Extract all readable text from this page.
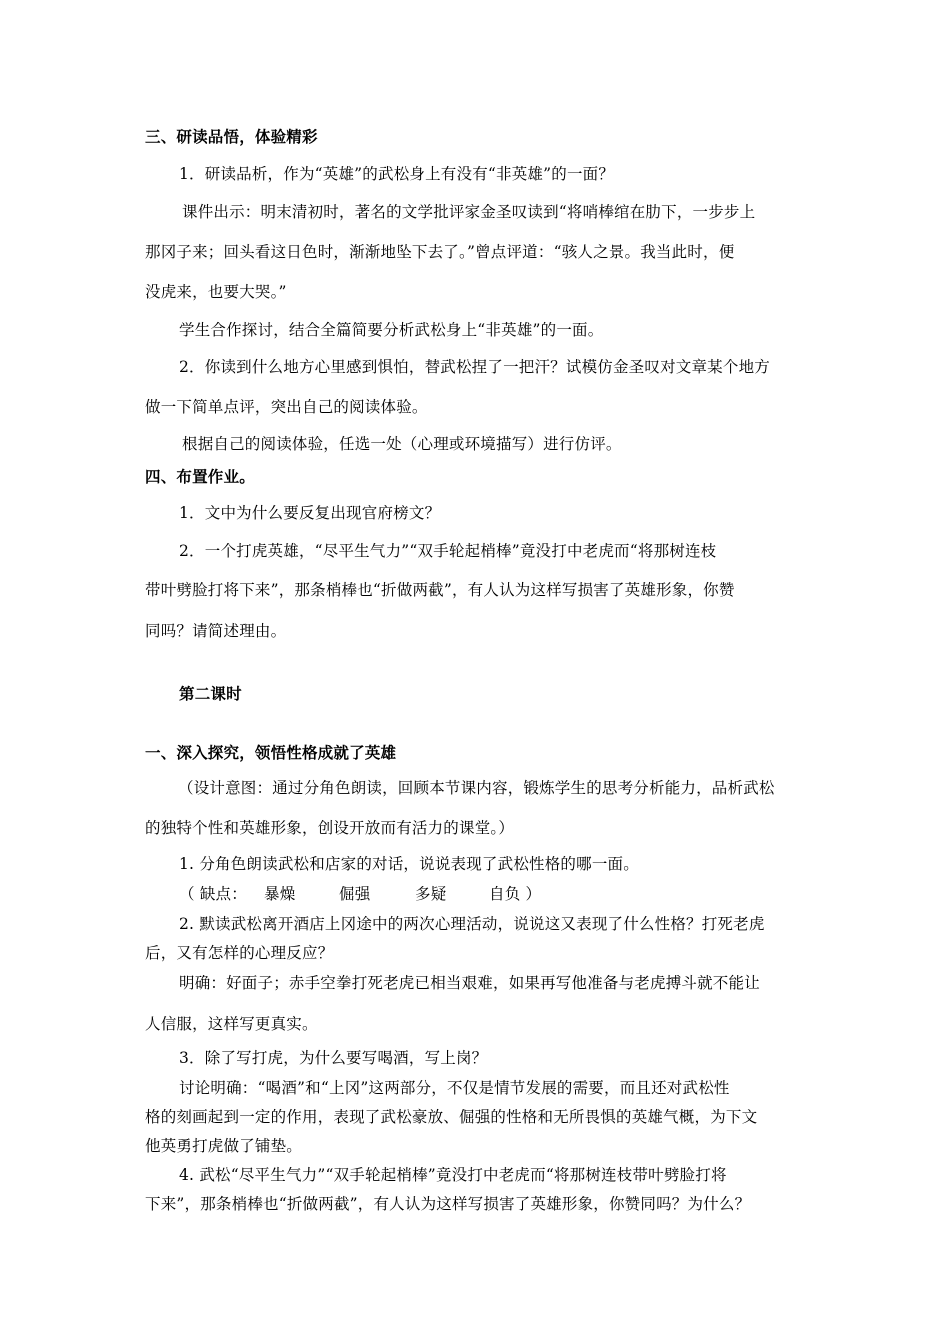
三、研读品悟，体验精彩
1．研读品析，作为“英雄”的武松身上有没有“非英雄”的一面？
课件出示：明末清初时，著名的文学批评家金圣叹读到“将哨棒绾在肋下，一步步上
那冈子来；回头看这日色时，渐渐地坠下去了。”曾点评道：“骇人之景。我当此时，便
没虎来，也要大哭。”
学生合作探讨，结合全篇简要分析武松身上“非英雄”的一面。
2．你读到什么地方心里感到惧怕，替武松捏了一把汗？试模仿金圣叹对文章某个地方
做一下简单点评，突出自己的阅读体验。
根据自己的阅读体验，任选一处（心理或环境描写）进行仿评。
四、布置作业。
1．文中为什么要反复出现官府榜文？
2．一个打虎英雄，“尽平生气力”“双手轮起梢棒”竟没打中老虎而“将那树连枝
带叶劈脸打将下来”，那条梢棒也“折做两截”，有人认为这样写损害了英雄形象，你赞
同吗？请简述理由。
第二课时
一、深入探究，领悟性格成就了英雄
（设计意图：通过分角色朗读，回顾本节课内容，锻炼学生的思考分析能力，品析武松
的独特个性和英雄形象，创设开放而有活力的课堂。）
1. 分角色朗读武松和店家的对话，说说表现了武松性格的哪一面。
（ 缺点： 暴燥	倔强	多疑	自负 ）
2. 默读武松离开酒店上冈途中的两次心理活动，说说这又表现了什么性格？打死老虎
后，又有怎样的心理反应？
明确：好面子；赤手空拳打死老虎已相当艰难，如果再写他准备与老虎搏斗就不能让
人信服，这样写更真实。
3．除了写打虎，为什么要写喝酒，写上岗？
讨论明确：“喝酒”和“上冈”这两部分，不仅是情节发展的需要，而且还对武松性
格的刻画起到一定的作用，表现了武松豪放、倔强的性格和无所畏惧的英雄气概，为下文
他英勇打虎做了铺垫。
4. 武松“尽平生气力”“双手轮起梢棒”竟没打中老虎而“将那树连枝带叶劈脸打将
下来”，那条梢棒也“折做两截”，有人认为这样写损害了英雄形象，你赞同吗？为什么？
